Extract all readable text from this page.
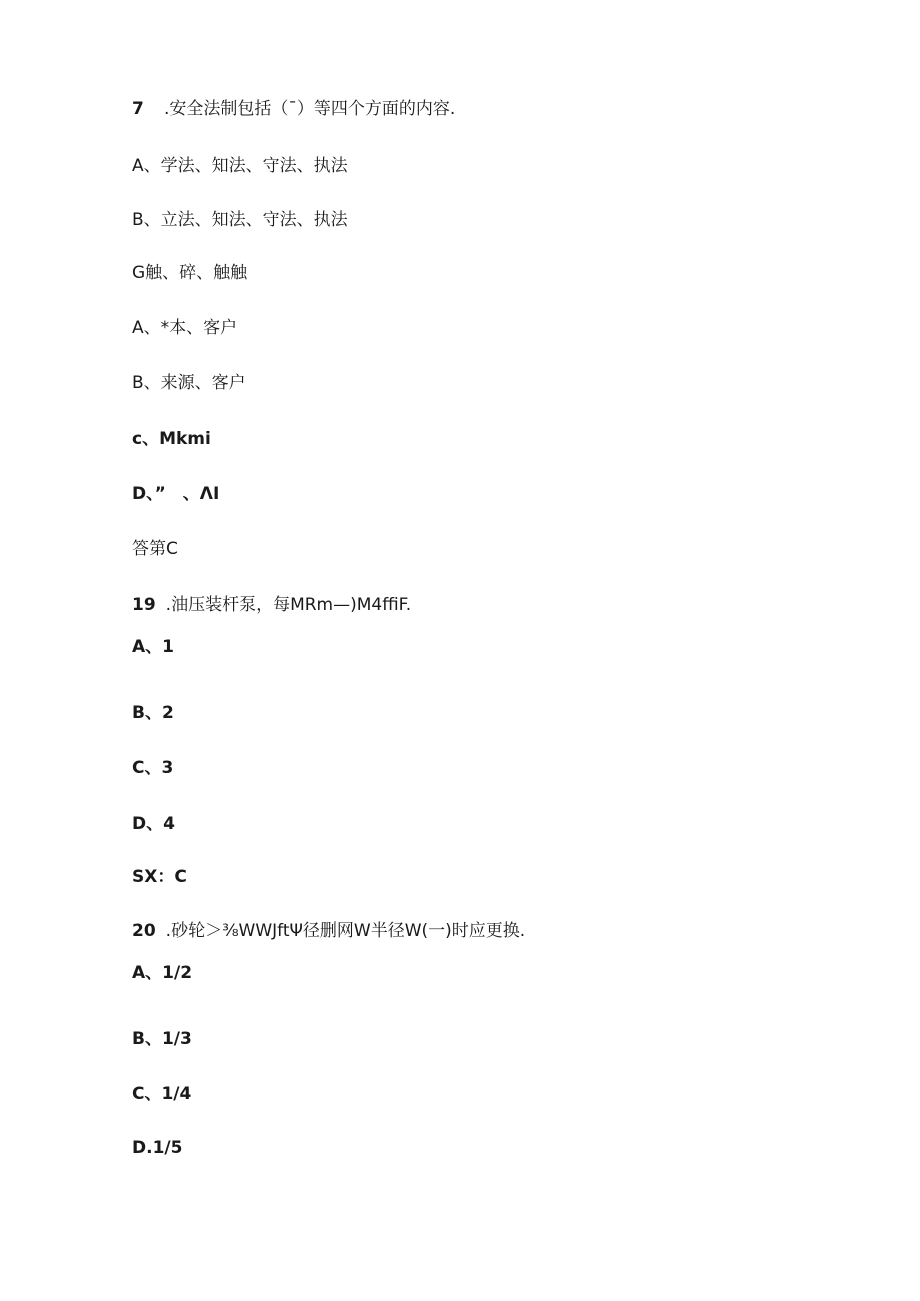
7 .安全法制包括（¯）等四个方面的内容.
A、学法、知法、守法、执法
B、立法、知法、守法、执法
G触、碎、触触
A、*本、客户
B、来源、客户
c、Mkmi
D、”　、ΛI
答第C
19 .油压装杆泵，每MRm—)M4ffiF.
A、1
B、2
C、3
D、4
SX：C
20 .砂轮＞⅜WWJftΨ径删网W半径W(一)时应更换.
A、1/2
B、1/3
C、1/4
D.1/5
